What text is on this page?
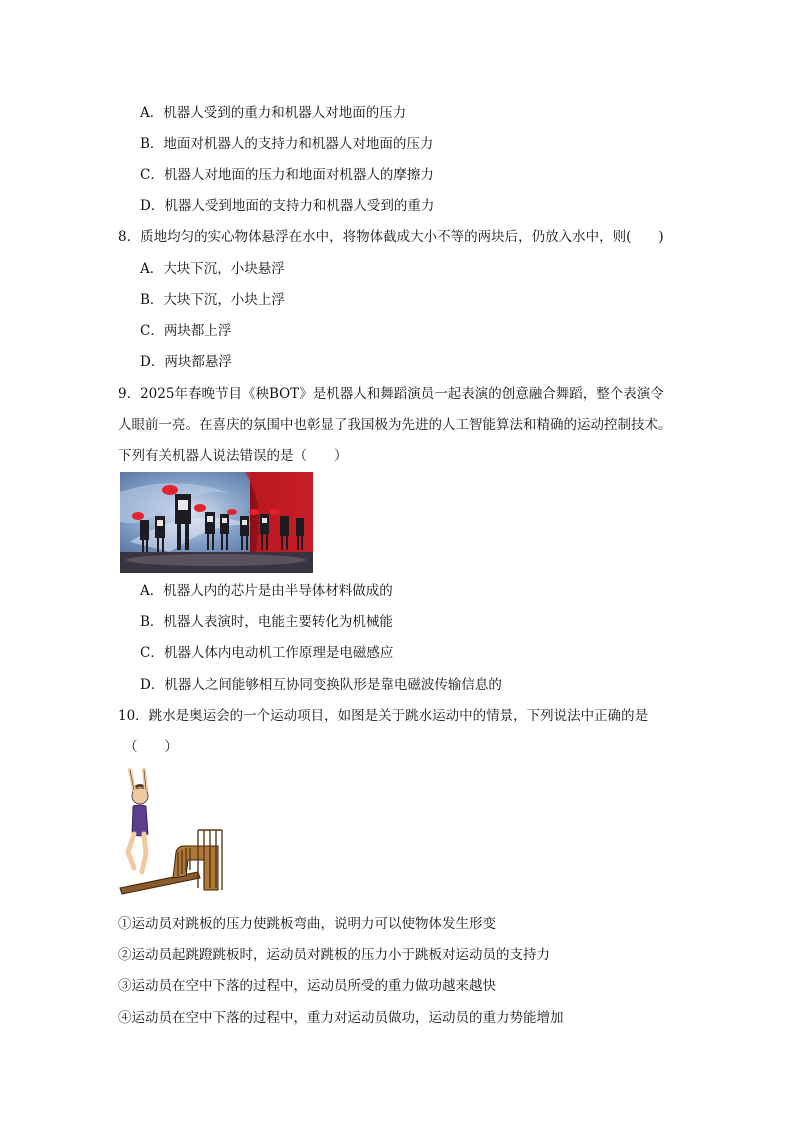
A．机器人受到的重力和机器人对地面的压力
B．地面对机器人的支持力和机器人对地面的压力
C．机器人对地面的压力和地面对机器人的摩擦力
D．机器人受到地面的支持力和机器人受到的重力
8．质地均匀的实心物体悬浮在水中，将物体截成大小不等的两块后，仍放入水中，则(　　)
A．大块下沉，小块悬浮
B．大块下沉，小块上浮
C．两块都上浮
D．两块都悬浮
9．2025年春晚节目《秧BOT》是机器人和舞蹈演员一起表演的创意融合舞蹈，整个表演令
人眼前一亮。在喜庆的氛围中也彰显了我国极为先进的人工智能算法和精确的运动控制技术。
下列有关机器人说法错误的是（　　）
A．机器人内的芯片是由半导体材料做成的
B．机器人表演时，电能主要转化为机械能
C．机器人体内电动机工作原理是电磁感应
D．机器人之间能够相互协同变换队形是靠电磁波传输信息的
10．跳水是奥运会的一个运动项目，如图是关于跳水运动中的情景，下列说法中正确的是
（　　）
①运动员对跳板的压力使跳板弯曲，说明力可以使物体发生形变
②运动员起跳蹬跳板时，运动员对跳板的压力小于跳板对运动员的支持力
③运动员在空中下落的过程中，运动员所受的重力做功越来越快
④运动员在空中下落的过程中，重力对运动员做功，运动员的重力势能增加
